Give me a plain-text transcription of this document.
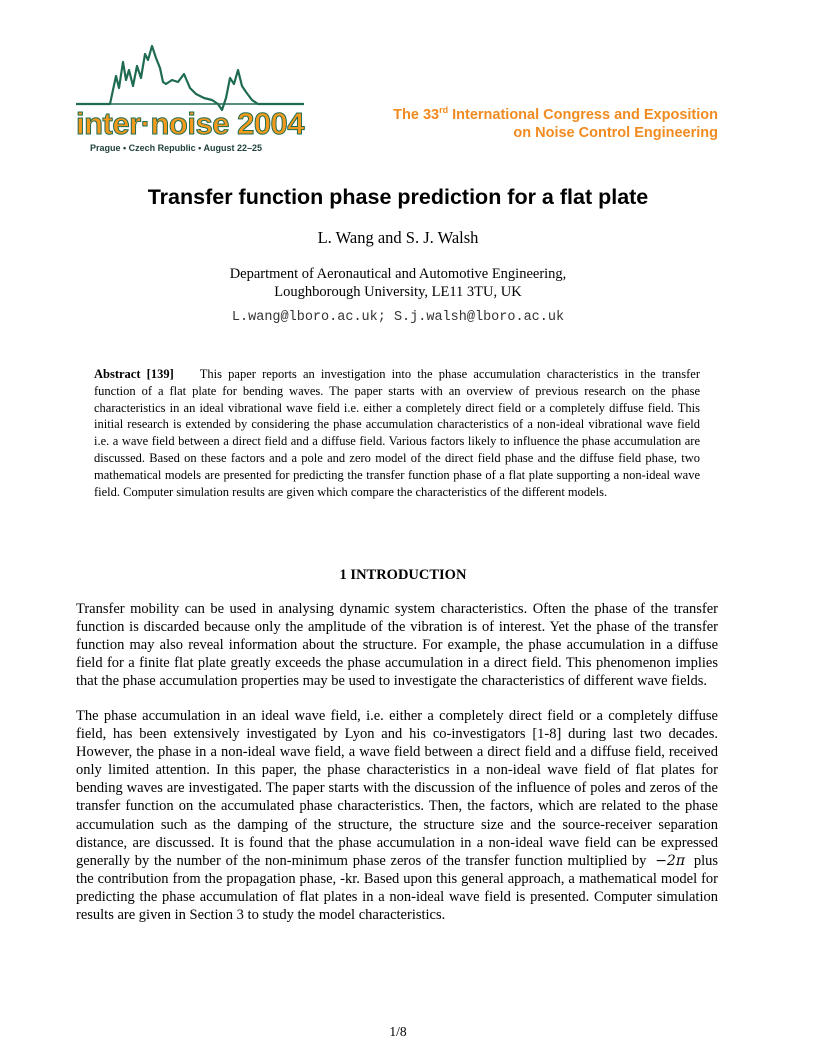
inter·noise 2004
Prague • Czech Republic • August 22–25
The 33rd International Congress and Exposition
on Noise Control Engineering
Transfer function phase prediction for a flat plate
L. Wang and S. J. Walsh
Department of Aeronautical and Automotive Engineering,
Loughborough University, LE11 3TU, UK
L.wang@lboro.ac.uk; S.j.walsh@lboro.ac.uk

Abstract [139] This paper reports an investigation into the phase accumulation characteristics in the transfer function of a flat plate for bending waves. The paper starts with an overview of previous research on the phase characteristics in an ideal vibrational wave field i.e. either a completely direct field or a completely diffuse field. This initial research is extended by considering the phase accumulation characteristics of a non-ideal vibrational wave field i.e. a wave field between a direct field and a diffuse field. Various factors likely to influence the phase accumulation are discussed. Based on these factors and a pole and zero model of the direct field phase and the diffuse field phase, two mathematical models are presented for predicting the transfer function phase of a flat plate supporting a non-ideal wave field. Computer simulation results are given which compare the characteristics of the different models.

1 INTRODUCTION

Transfer mobility can be used in analysing dynamic system characteristics. Often the phase of the transfer function is discarded because only the amplitude of the vibration is of interest. Yet the phase of the transfer function may also reveal information about the structure. For example, the phase accumulation in a diffuse field for a finite flat plate greatly exceeds the phase accumulation in a direct field. This phenomenon implies that the phase accumulation properties may be used to investigate the characteristics of different wave fields.

The phase accumulation in an ideal wave field, i.e. either a completely direct field or a completely diffuse field, has been extensively investigated by Lyon and his co-investigators [1-8] during last two decades. However, the phase in a non-ideal wave field, a wave field between a direct field and a diffuse field, received only limited attention. In this paper, the phase characteristics in a non-ideal wave field of flat plates for bending waves are investigated. The paper starts with the discussion of the influence of poles and zeros of the transfer function on the accumulated phase characteristics. Then, the factors, which are related to the phase accumulation such as the damping of the structure, the structure size and the source-receiver separation distance, are discussed. It is found that the phase accumulation in a non-ideal wave field can be expressed generally by the number of the non-minimum phase zeros of the transfer function multiplied by −2π plus the contribution from the propagation phase, -kr. Based upon this general approach, a mathematical model for predicting the phase accumulation of flat plates in a non-ideal wave field is presented. Computer simulation results are given in Section 3 to study the model characteristics.

1/8
